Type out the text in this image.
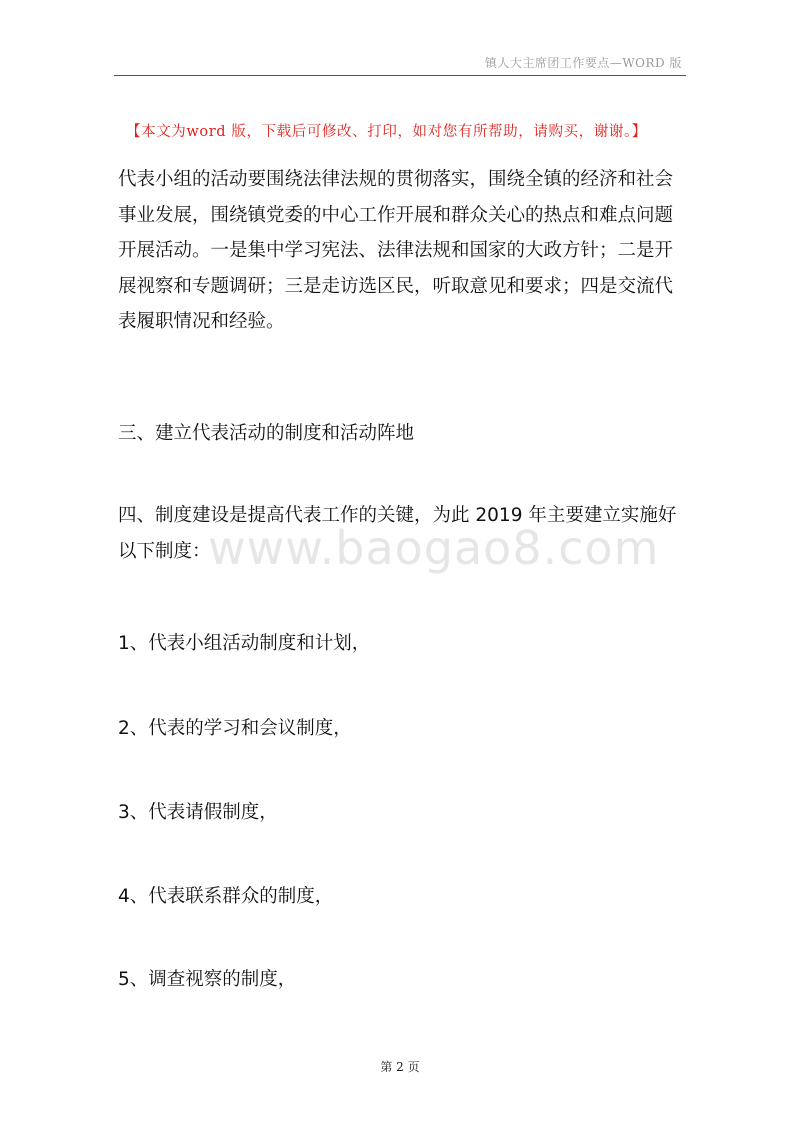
镇人大主席团工作要点—WORD 版
【本文为word 版，下载后可修改、打印，如对您有所帮助，请购买，谢谢。】
www.baogao8.com
代表小组的活动要围绕法律法规的贯彻落实，围绕全镇的经济和社会
事业发展，围绕镇党委的中心工作开展和群众关心的热点和难点问题
开展活动。一是集中学习宪法、法律法规和国家的大政方针；二是开
展视察和专题调研；三是走访选区民，听取意见和要求；四是交流代
表履职情况和经验。
三、建立代表活动的制度和活动阵地
四、制度建设是提高代表工作的关键，为此 2019 年主要建立实施好
以下制度：
1、代表小组活动制度和计划，
2、代表的学习和会议制度，
3、代表请假制度，
4、代表联系群众的制度，
5、调查视察的制度，
第 2 页
